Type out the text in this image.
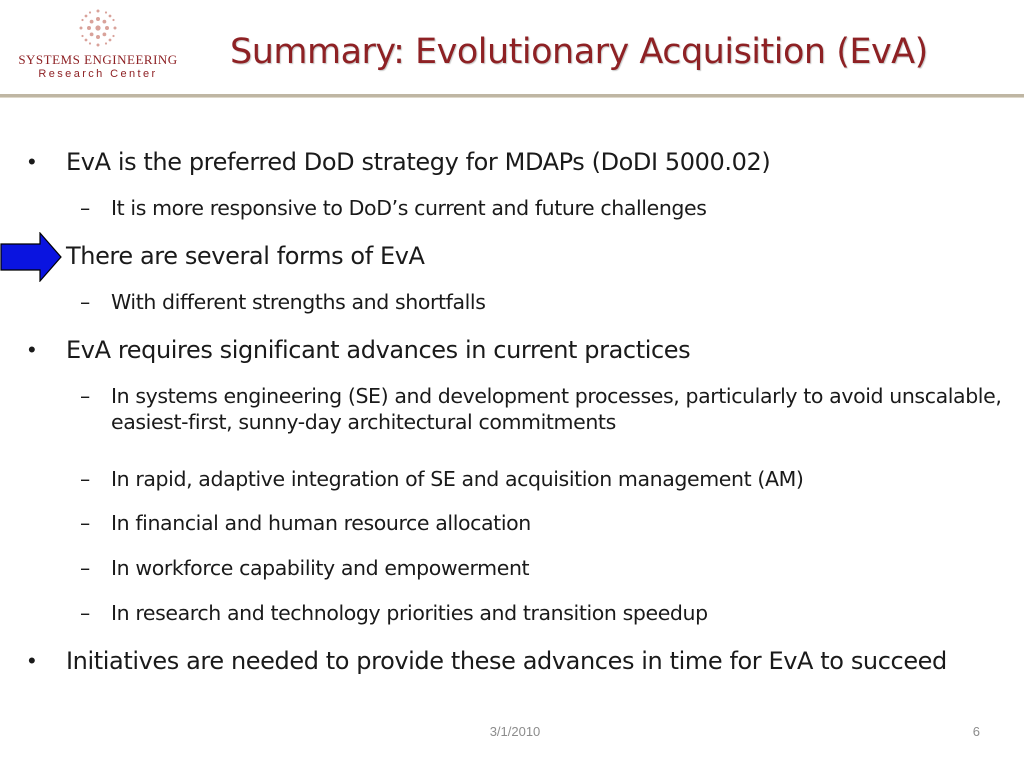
SYSTEMS ENGINEERING
Research Center
Summary: Evolutionary Acquisition (EvA)
• EvA is the preferred DoD strategy for MDAPs (DoDI 5000.02)
– It is more responsive to DoD’s current and future challenges
There are several forms of EvA
– With different strengths and shortfalls
• EvA requires significant advances in current practices
– In systems engineering (SE) and development processes, particularly to avoid unscalable, easiest-first, sunny-day architectural commitments
– In rapid, adaptive integration of SE and acquisition management (AM)
– In financial and human resource allocation
– In workforce capability and empowerment
– In research and technology priorities and transition speedup
• Initiatives are needed to provide these advances in time for EvA to succeed
3/1/2010	6
